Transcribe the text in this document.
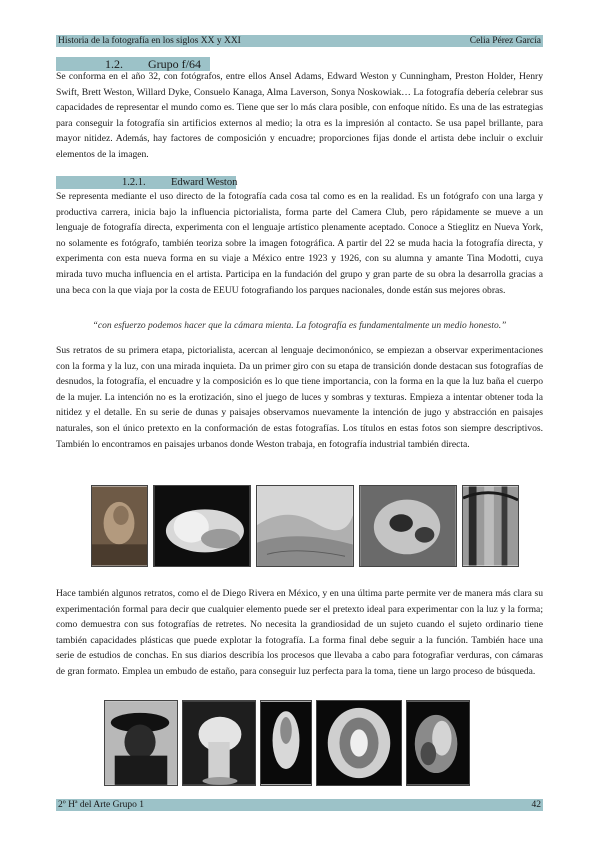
Historia de la fotografía en los siglos XX y XXI	Celia Pérez García
1.2. Grupo f/64

Se conforma en el año 32, con fotógrafos, entre ellos Ansel Adams, Edward Weston y Cunningham, Preston Holder, Henry Swift, Brett Weston, Willard Dyke, Consuelo Kanaga, Alma Laverson, Sonya Noskowiak… La fotografía debería celebrar sus capacidades de representar el mundo como es. Tiene que ser lo más clara posible, con enfoque nítido. Es una de las estrategias para conseguir la fotografía sin artificios externos al medio; la otra es la impresión al contacto. Se usa papel brillante, para mayor nitidez. Además, hay factores de composición y encuadre; proporciones fijas donde el artista debe incluir o excluir elementos de la imagen.

1.2.1. Edward Weston

Se representa mediante el uso directo de la fotografía cada cosa tal como es en la realidad. Es un fotógrafo con una larga y productiva carrera, inicia bajo la influencia pictorialista, forma parte del Camera Club, pero rápidamente se mueve a un lenguaje de fotografía directa, experimenta con el lenguaje artístico plenamente aceptado. Conoce a Stieglitz en Nueva York, no solamente es fotógrafo, también teoriza sobre la imagen fotográfica. A partir del 22 se muda hacia la fotografía directa, y experimenta con esta nueva forma en su viaje a México entre 1923 y 1926, con su alumna y amante Tina Modotti, cuya mirada tuvo mucha influencia en el artista. Participa en la fundación del grupo y gran parte de su obra la desarrolla gracias a una beca con la que viaja por la costa de EEUU fotografiando los parques nacionales, donde están sus mejores obras.

“con esfuerzo podemos hacer que la cámara mienta. La fotografía es fundamentalmente un medio honesto.”

Sus retratos de su primera etapa, pictorialista, acercan al lenguaje decimonónico, se empiezan a observar experimentaciones con la forma y la luz, con una mirada inquieta. Da un primer giro con su etapa de transición donde destacan sus fotografías de desnudos, la fotografía, el encuadre y la composición es lo que tiene importancia, con la forma en la que la luz baña el cuerpo de la mujer. La intención no es la erotización, sino el juego de luces y sombras y texturas. Empieza a intentar obtener toda la nitidez y el detalle. En su serie de dunas y paisajes observamos nuevamente la intención de jugo y abstracción en paisajes naturales, son el único pretexto en la conformación de estas fotografías. Los títulos en estas fotos son siempre descriptivos. También lo encontramos en paisajes urbanos donde Weston trabaja, en fotografía industrial también directa.

Hace también algunos retratos, como el de Diego Rivera en México, y en una última parte permite ver de manera más clara su experimentación formal para decir que cualquier elemento puede ser el pretexto ideal para experimentar con la luz y la forma; como demuestra con sus fotografías de retretes. No necesita la grandiosidad de un sujeto cuando el sujeto ordinario tiene también capacidades plásticas que puede explotar la fotografía. La forma final debe seguir a la función. También hace una serie de estudios de conchas. En sus diarios describía los procesos que llevaba a cabo para fotografiar verduras, con cámaras de gran formato. Emplea un embudo de estaño, para conseguir luz perfecta para la toma, tiene un largo proceso de búsqueda.

2º Hª del Arte Grupo 1	42
